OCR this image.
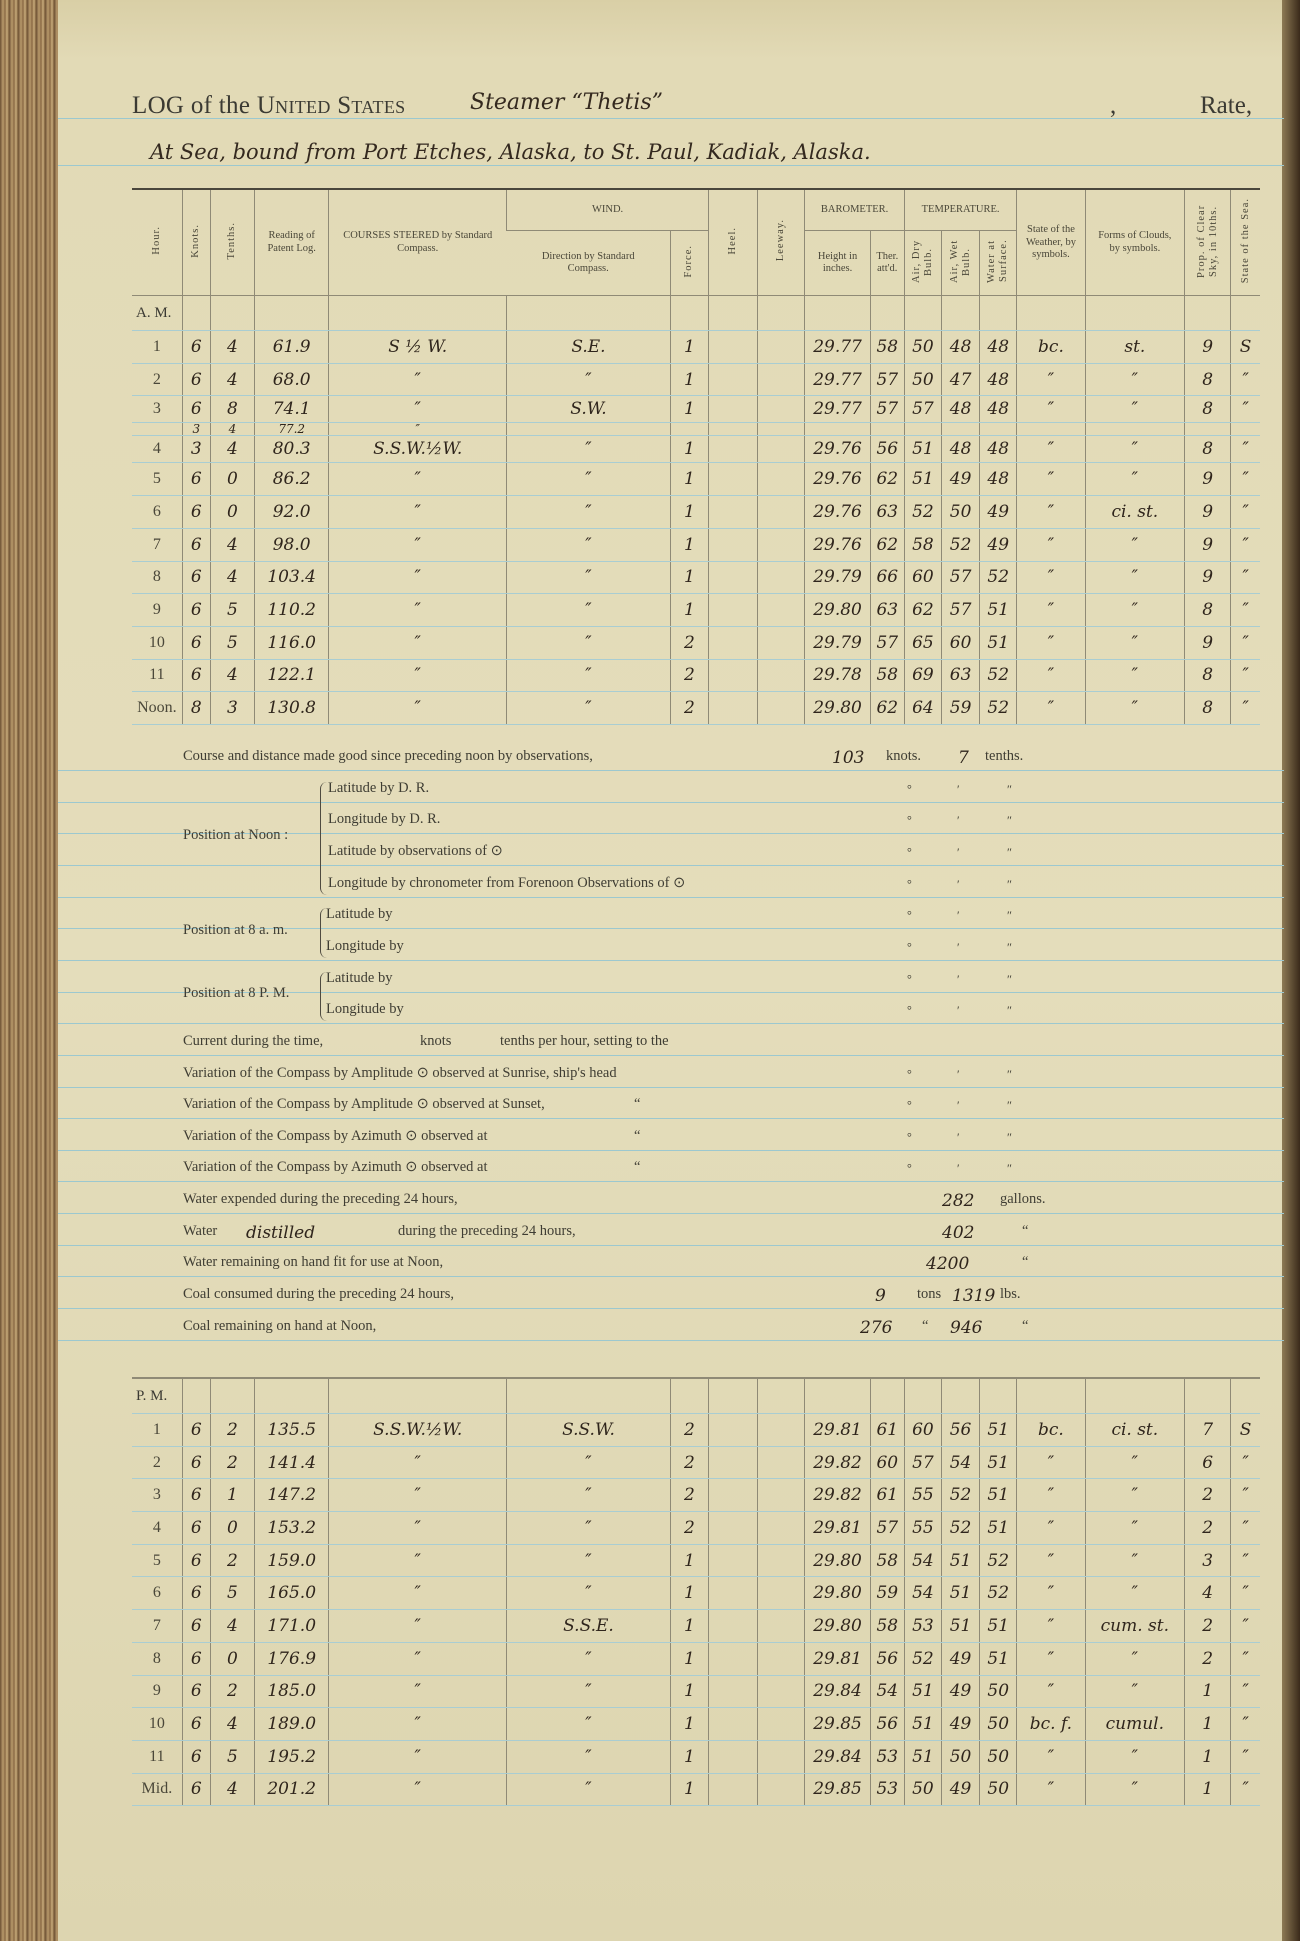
LOG of the United States	Steamer “Thetis”	,	Rate,
At Sea, bound from Port Etches, Alaska, to St. Paul, Kadiak, Alaska.
Hour.	Knots.	Tenths.	Reading of Patent Log.	COURSES STEERED by Standard Compass.	WIND.		Heel.	Leeway.	BAROMETER.		TEMPERATURE.			State of the Weather, by symbols.	Forms of Clouds, by symbols.	Prop. of Clear Sky, in 10ths.	State of the Sea.
					Direction by Standard Compass.	Force.			Height in inches.	Ther. att'd.	Air, Dry Bulb.	Air, Wet Bulb.	Water at Surface.				
A. M.																	
1	6	4	61.9	S ½ W.	S.E.	1			29.77	58	50	48	48	bc.	st.	9	S
2	6	4	68.0	″	″	1			29.77	57	50	47	48	″	″	8	″
3	6	8	74.1	″	S.W.	1			29.77	57	57	48	48	″	″	8	″
	3	4	77.2	″													
4	3	4	80.3	S.S.W.½W.	″	1			29.76	56	51	48	48	″	″	8	″
5	6	0	86.2	″	″	1			29.76	62	51	49	48	″	″	9	″
6	6	0	92.0	″	″	1			29.76	63	52	50	49	″	ci. st.	9	″
7	6	4	98.0	″	″	1			29.76	62	58	52	49	″	″	9	″
8	6	4	103.4	″	″	1			29.79	66	60	57	52	″	″	9	″
9	6	5	110.2	″	″	1			29.80	63	62	57	51	″	″	8	″
10	6	5	116.0	″	″	2			29.79	57	65	60	51	″	″	9	″
11	6	4	122.1	″	″	2			29.78	58	69	63	52	″	″	8	″
Noon.	8	3	130.8	″	″	2			29.80	62	64	59	52	″	″	8	″
Course and distance made good since preceding noon by observations,	103 knots. 7 tenths.
Position at Noon :
Latitude by D. R.	°	′	″
Longitude by D. R.	°	′	″
Latitude by observations of ⊙	°	′	″
Longitude by chronometer from Forenoon Observations of ⊙	°	′	″
Position at 8 a. m.
Latitude by	°	′	″
Longitude by	°	′	″
Position at 8 P. M.
Latitude by	°	′	″
Longitude by	°	′	″
Current during the time,	knots	tenths per hour, setting to the
Variation of the Compass by Amplitude ⊙ observed at Sunrise, ship's head	°	′	″
Variation of the Compass by Amplitude ⊙ observed at Sunset,	“	°	′	″
Variation of the Compass by Azimuth ⊙ observed at	“	°	′	″
Variation of the Compass by Azimuth ⊙ observed at	“	°	′	″
Water expended during the preceding 24 hours,	282 gallons.
Water distilled	during the preceding 24 hours,	402	“
Water remaining on hand fit for use at Noon,	4200	“
Coal consumed during the preceding 24 hours,	9 tons 1319 lbs.
Coal remaining on hand at Noon,	276 “ 946	“
P. M.																	
1	6	2	135.5	S.S.W.½W.	S.S.W.	2			29.81	61	60	56	51	bc.	ci. st.	7	S
2	6	2	141.4	″	″	2			29.82	60	57	54	51	″	″	6	″
3	6	1	147.2	″	″	2			29.82	61	55	52	51	″	″	2	″
4	6	0	153.2	″	″	2			29.81	57	55	52	51	″	″	2	″
5	6	2	159.0	″	″	1			29.80	58	54	51	52	″	″	3	″
6	6	5	165.0	″	″	1			29.80	59	54	51	52	″	″	4	″
7	6	4	171.0	″	S.S.E.	1			29.80	58	53	51	51	″	cum. st.	2	″
8	6	0	176.9	″	″	1			29.81	56	52	49	51	″	″	2	″
9	6	2	185.0	″	″	1			29.84	54	51	49	50	″	″	1	″
10	6	4	189.0	″	″	1			29.85	56	51	49	50	bc. f.	cumul.	1	″
11	6	5	195.2	″	″	1			29.84	53	51	50	50	″	″	1	″
Mid.	6	4	201.2	″	″	1			29.85	53	50	49	50	″	″	1	″
